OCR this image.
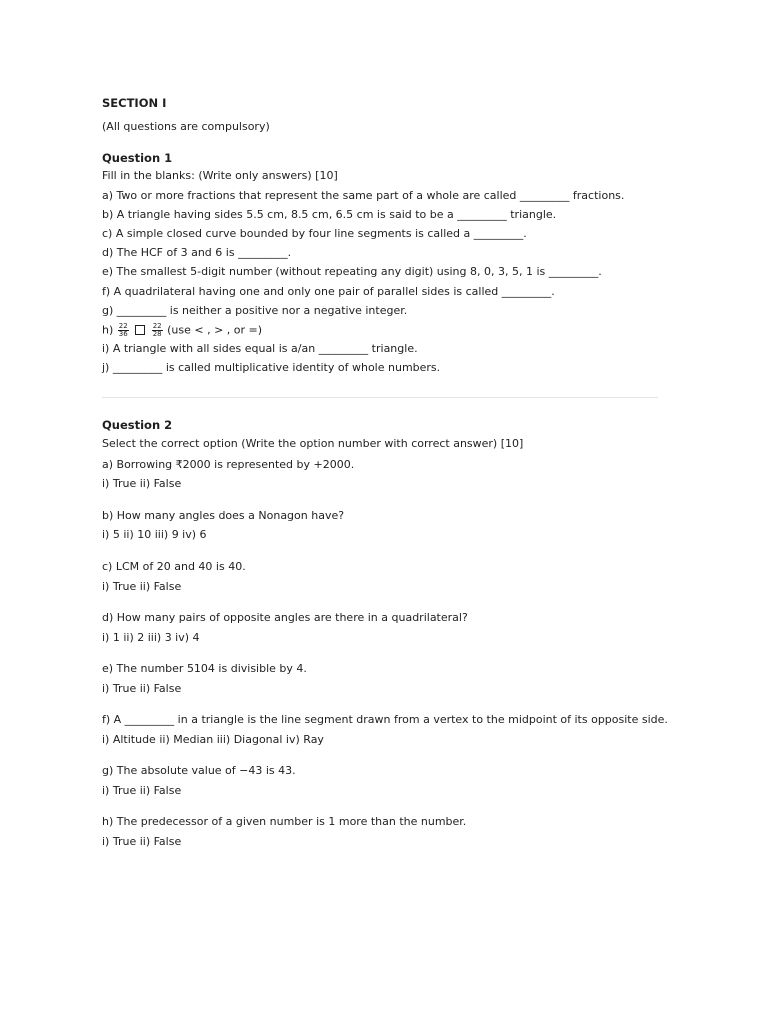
SECTION I
(All questions are compulsory)
Question 1
Fill in the blanks: (Write only answers) [10]
a) Two or more fractions that represent the same part of a whole are called _________ fractions.
b) A triangle having sides 5.5 cm, 8.5 cm, 6.5 cm is said to be a _________ triangle.
c) A simple closed curve bounded by four line segments is called a _________.
d) The HCF of 3 and 6 is _________.
e) The smallest 5-digit number (without repeating any digit) using 8, 0, 3, 5, 1 is _________.
f) A quadrilateral having one and only one pair of parallel sides is called _________.
g) _________ is neither a positive nor a negative integer.
$h) \frac{22}{36}$
	$\frac{22}{28} (use$ < , > , or =)
i) A triangle with all sides equal is a/an _________ triangle.
j) _________ is called multiplicative identity of whole numbers.
Question 2
Select the correct option (Write the option number with correct answer) [10]
a) Borrowing ₹2000 is represented by +2000.
i) True ii) False
b) How many angles does a Nonagon have?
i) 5 ii) 10 iii) 9 iv) 6
c) LCM of 20 and 40 is 40.
i) True ii) False
d) How many pairs of opposite angles are there in a quadrilateral?
i) 1 ii) 2 iii) 3 iv) 4
e) The number 5104 is divisible by 4.
i) True ii) False
f) A _________ in a triangle is the line segment drawn from a vertex to the midpoint of its opposite side.
i) Altitude ii) Median iii) Diagonal iv) Ray
g) The absolute value of −43 is 43.
i) True ii) False
h) The predecessor of a given number is 1 more than the number.
i) True ii) False
